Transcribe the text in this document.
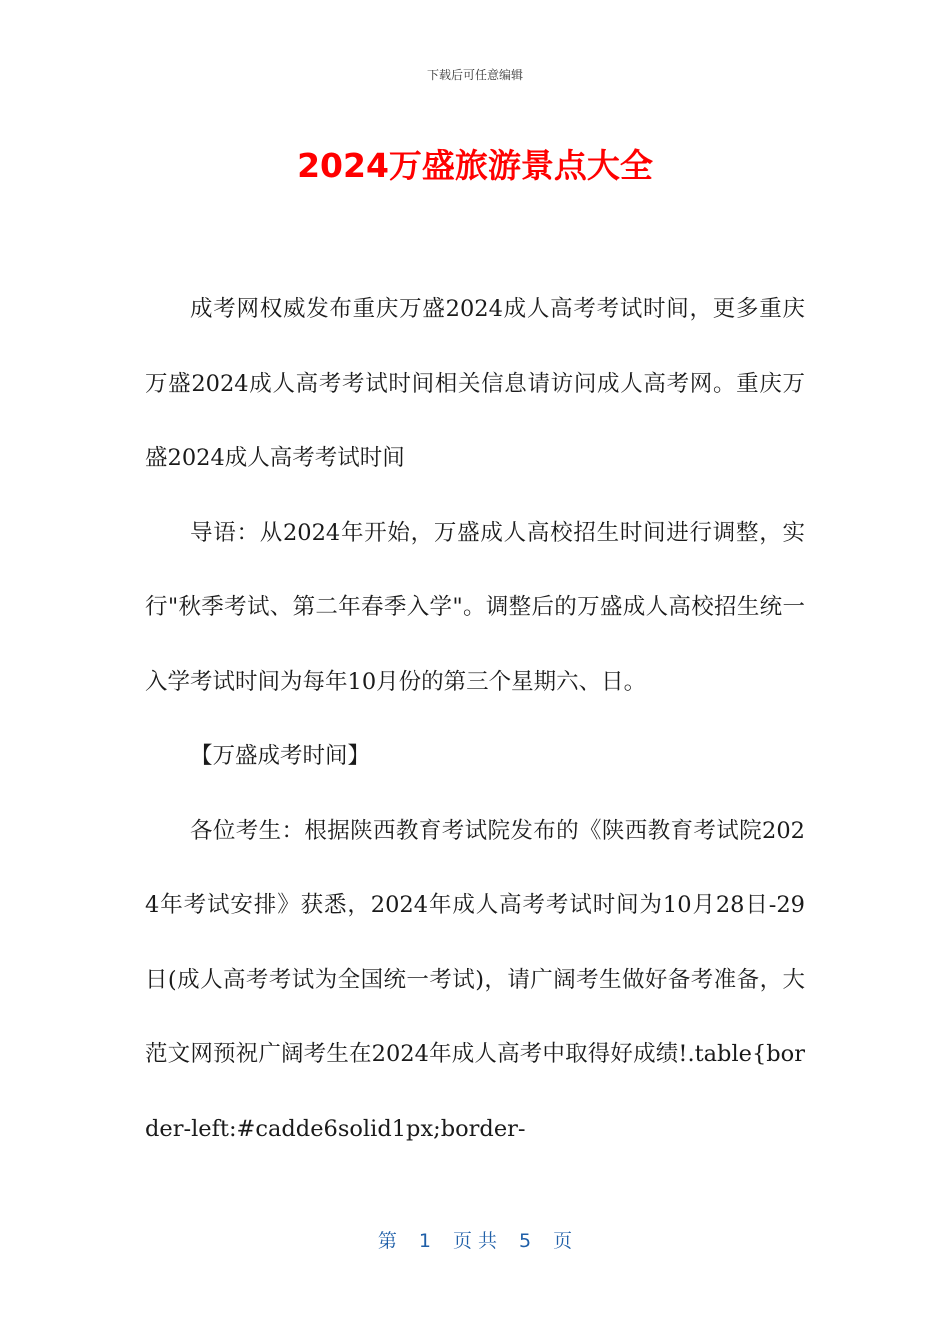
下载后可任意编辑
2024万盛旅游景点大全

成考网权威发布重庆万盛2024成人高考考试时间，更多重庆万盛2024成人高考考试时间相关信息请访问成人高考网。重庆万盛2024成人高考考试时间

导语：从2024年开始，万盛成人高校招生时间进行调整，实行"秋季考试、第二年春季入学"。调整后的万盛成人高校招生统一入学考试时间为每年10月份的第三个星期六、日。

【万盛成考时间】

各位考生：根据陕西教育考试院发布的《陕西教育考试院2024年考试安排》获悉，2024年成人高考考试时间为10月28日-29日(成人高考考试为全国统一考试)，请广阔考生做好备考准备，大范文网预祝广阔考生在2024年成人高考中取得好成绩!.table{border-left:#cadde6solid1px;border-

第 1 页 共 5 页
